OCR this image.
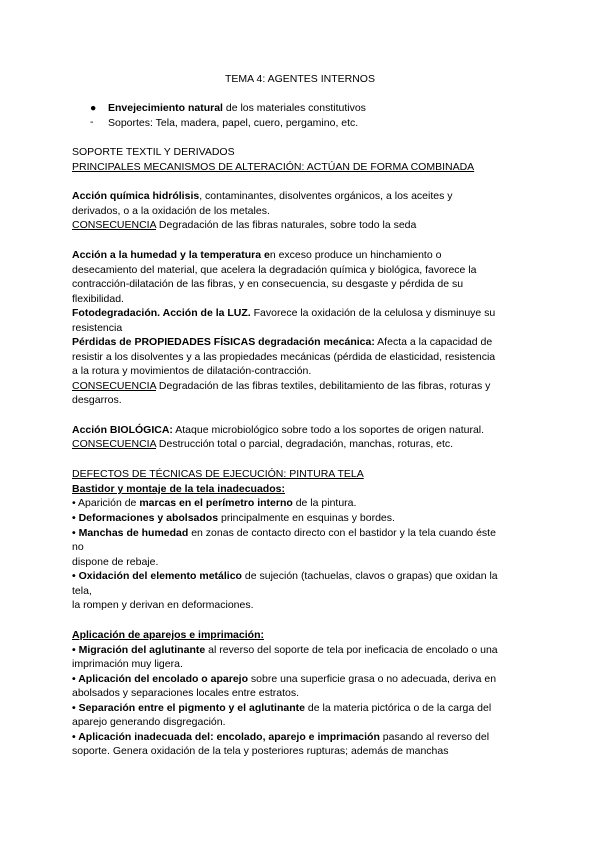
TEMA 4: AGENTES INTERNOS
● Envejecimiento natural de los materiales constitutivos
- Soportes: Tela, madera, papel, cuero, pergamino, etc.
SOPORTE TEXTIL Y DERIVADOS
PRINCIPALES MECANISMOS DE ALTERACIÓN: ACTÚAN DE FORMA COMBINADA
Acción química hidrólisis, contaminantes, disolventes orgánicos, a los aceites y
derivados, o a la oxidación de los metales.
CONSECUENCIA Degradación de las fibras naturales, sobre todo la seda
Acción a la humedad y la temperatura en exceso produce un hinchamiento o
desecamiento del material, que acelera la degradación química y biológica, favorece la
contracción-dilatación de las fibras, y en consecuencia, su desgaste y pérdida de su
flexibilidad.
Fotodegradación. Acción de la LUZ. Favorece la oxidación de la celulosa y disminuye su
resistencia
Pérdidas de PROPIEDADES FÍSICAS degradación mecánica: Afecta a la capacidad de
resistir a los disolventes y a las propiedades mecánicas (pérdida de elasticidad, resistencia
a la rotura y movimientos de dilatación-contracción.
CONSECUENCIA Degradación de las fibras textiles, debilitamiento de las fibras, roturas y
desgarros.
Acción BIOLÓGICA: Ataque microbiológico sobre todo a los soportes de origen natural.
CONSECUENCIA Destrucción total o parcial, degradación, manchas, roturas, etc.
DEFECTOS DE TÉCNICAS DE EJECUCIÓN: PINTURA TELA
Bastidor y montaje de la tela inadecuados:
• Aparición de marcas en el perímetro interno de la pintura.
• Deformaciones y abolsados principalmente en esquinas y bordes.
• Manchas de humedad en zonas de contacto directo con el bastidor y la tela cuando éste
no
dispone de rebaje.
• Oxidación del elemento metálico de sujeción (tachuelas, clavos o grapas) que oxidan la
tela,
la rompen y derivan en deformaciones.
Aplicación de aparejos e imprimación:
• Migración del aglutinante al reverso del soporte de tela por ineficacia de encolado o una
imprimación muy ligera.
• Aplicación del encolado o aparejo sobre una superficie grasa o no adecuada, deriva en
abolsados y separaciones locales entre estratos.
• Separación entre el pigmento y el aglutinante de la materia pictórica o de la carga del
aparejo generando disgregación.
• Aplicación inadecuada del: encolado, aparejo e imprimación pasando al reverso del
soporte. Genera oxidación de la tela y posteriores rupturas; además de manchas
